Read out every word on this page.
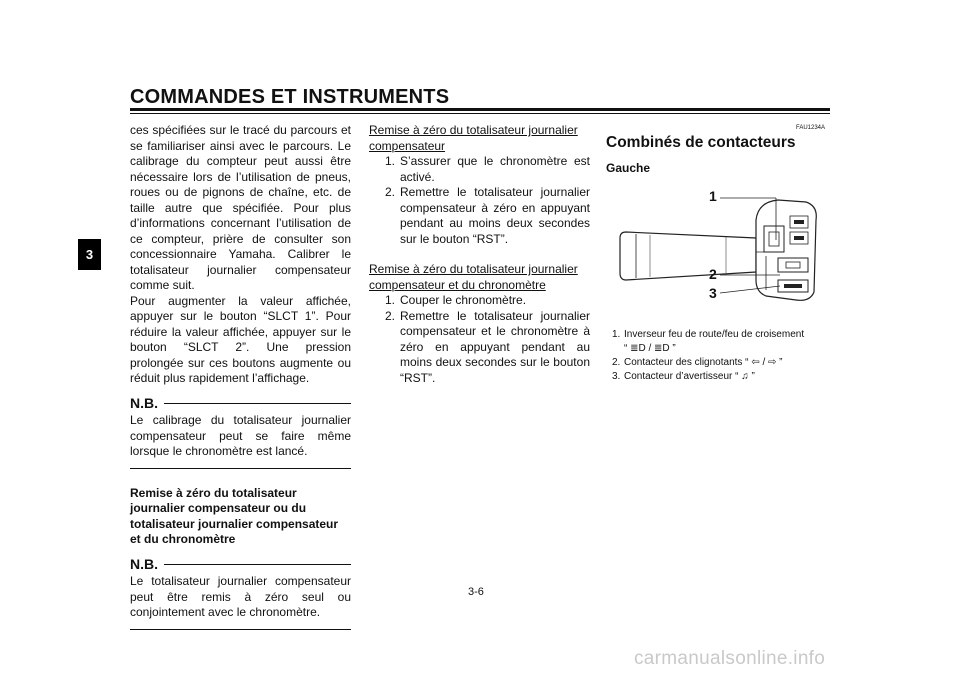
COMMANDES ET INSTRUMENTS
3

ces spécifiées sur le tracé du parcours et se familiariser ainsi avec le parcours. Le calibrage du compteur peut aussi être nécessaire lors de l’utilisation de pneus, roues ou de pignons de chaîne, etc. de taille autre que spécifiée. Pour plus d’informations concernant l’utilisation de ce compteur, prière de consulter son concessionnaire Yamaha. Calibrer le totalisateur journalier compensateur comme suit.

Pour augmenter la valeur affichée, appuyer sur le bouton “SLCT 1”. Pour réduire la valeur affichée, appuyer sur le bouton “SLCT 2”. Une pression prolongée sur ces boutons augmente ou réduit plus rapidement l’affichage.

N.B.
Le calibrage du totalisateur journalier compensateur peut se faire même lorsque le chronomètre est lancé.
Remise à zéro du totalisateur journalier compensateur ou du totalisateur journalier compensateur et du chronomètre
N.B.
Le totalisateur journalier compensateur peut être remis à zéro seul ou conjointement avec le chronomètre.
Remise à zéro du totalisateur journalier compensateur
1. S’assurer que le chronomètre est activé.
2. Remettre le totalisateur journalier compensateur à zéro en appuyant pendant au moins deux secondes sur le bouton “RST”.
Remise à zéro du totalisateur journalier compensateur et du chronomètre
1. Couper le chronomètre.
2. Remettre le totalisateur journalier compensateur et le chronomètre à zéro en appuyant pendant au moins deux secondes sur le bouton “RST”.
FAU1234A
Combinés de contacteurs
Gauche
1
2
3
1. Inverseur feu de route/feu de croisement
“ ≣D / ≣D ”
2. Contacteur des clignotants “ ⇦ / ⇨ ”
3. Contacteur d’avertisseur “ ♫ ”
3-6
carmanualsonline.info
